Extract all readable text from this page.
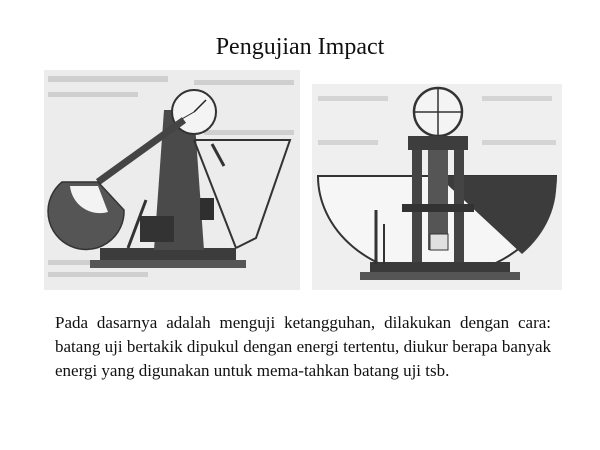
Pengujian Impact
Pada dasarnya adalah menguji ketangguhan, dilakukan dengan cara: batang uji bertakik dipukul dengan energi tertentu, diukur berapa banyak energi yang digunakan untuk mema-tahkan batang uji tsb.
